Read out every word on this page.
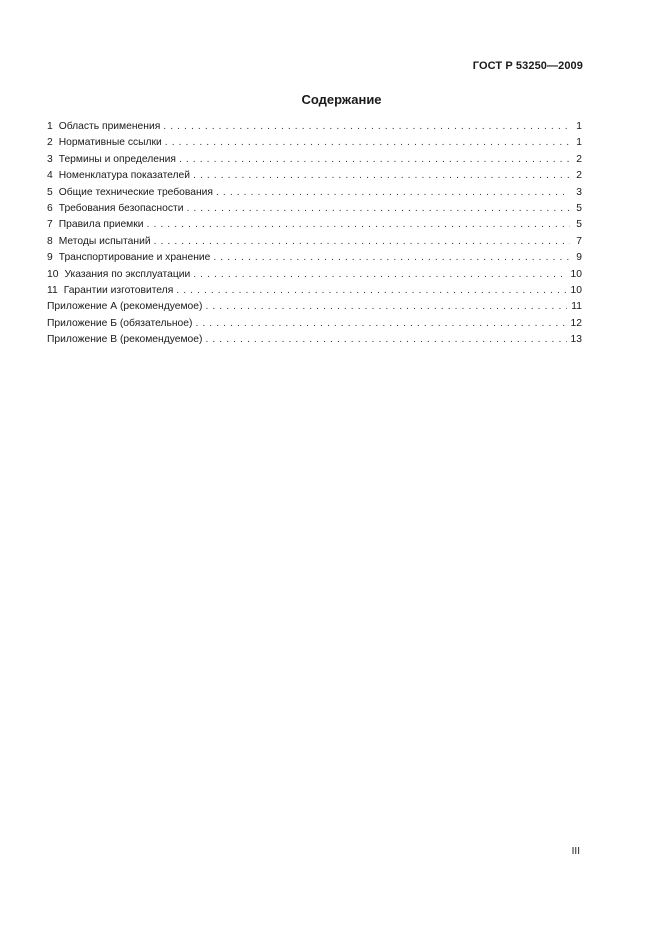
ГОСТ Р 53250—2009
Содержание
1 Область применения . . .	1
2 Нормативные ссылки . . .	1
3 Термины и определения . . .	2
4 Номенклатура показателей . . .	2
5 Общие технические требования . . .	3
6 Требования безопасности . . .	5
7 Правила приемки . . .	5
8 Методы испытаний . . .	7
9 Транспортирование и хранение . . .	9
10 Указания по эксплуатации . . .	10
11 Гарантии изготовителя . . .	10
Приложение А (рекомендуемое) . . .	11
Приложение Б (обязательное) . . .	12
Приложение В (рекомендуемое) . . .	13
III
